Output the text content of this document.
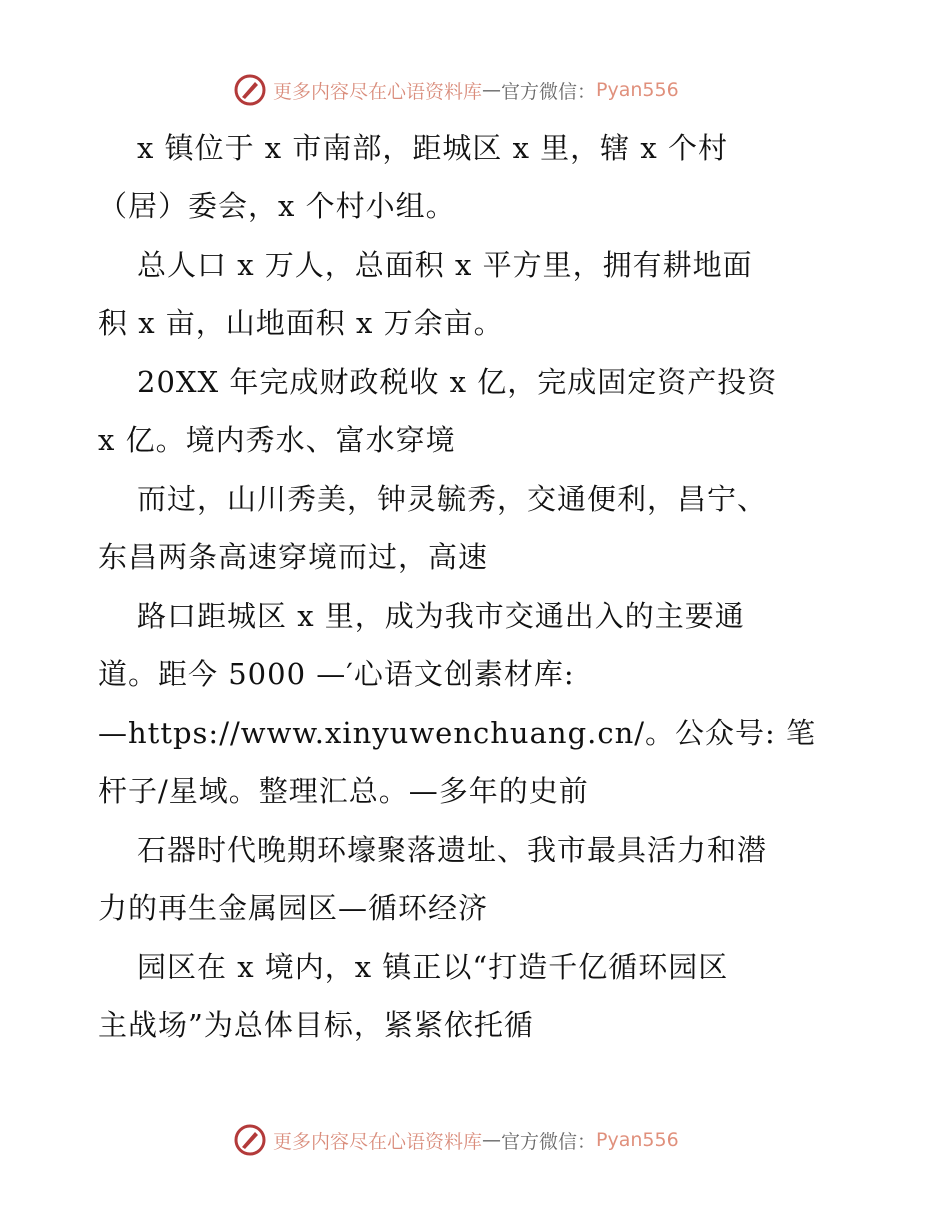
更多内容尽在心语资料库 — 官方微信： Pyan556
x 镇位于 x 市南部，距城区 x 里，辖 x 个村
（居）委会，x 个村小组。
总人口 x 万人，总面积 x 平方里，拥有耕地面
积 x 亩，山地面积 x 万余亩。
20XX 年完成财政税收 x 亿，完成固定资产投资
x 亿。境内秀水、富水穿境
而过，山川秀美，钟灵毓秀，交通便利，昌宁、
东昌两条高速穿境而过，高速
路口距城区 x 里，成为我市交通出入的主要通
道。距今 5000 —′心语文创素材库:
—https://www.xinyuwenchuang.cn/。公众号: 笔
杆子/星域。整理汇总。—多年的史前
石器时代晚期环壕聚落遗址、我市最具活力和潜
力的再生金属园区—循环经济
园区在 x 境内，x 镇正以“打造千亿循环园区
主战场”为总体目标，紧紧依托循
更多内容尽在心语资料库 — 官方微信： Pyan556
